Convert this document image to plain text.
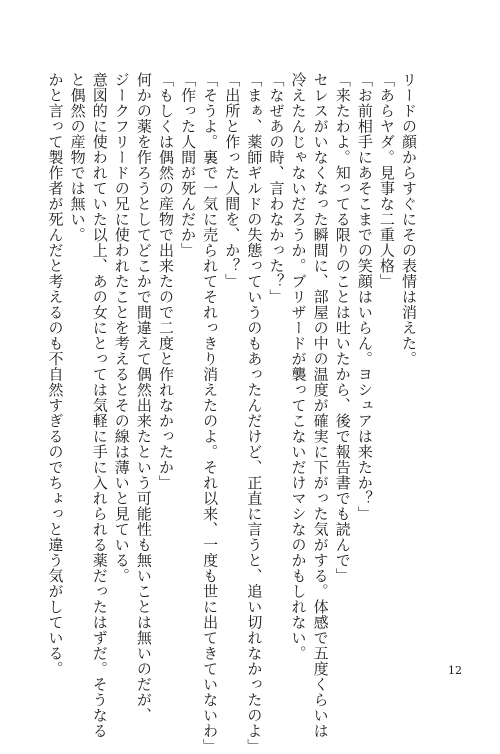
リードの顔からすぐにその表情は消えた。
「あらヤダ。見事な二重人格」
「お前相手にあそこまでの笑顔はいらん。ヨシュアは来たか？」
「来たわよ。知ってる限りのことは吐いたから、後で報告書でも読んで」
セレスがいなくなった瞬間に、部屋の中の温度が確実に下がった気がする。体感で五度くらいは
冷えたんじゃないだろうか。ブリザードが襲ってこないだけマシなのかもしれない。
「なぜあの時、言わなかった？」
「まぁ、薬師ギルドの失態っていうのもあったんだけど、正直に言うと、追い切れなかったのよ」
「出所と作った人間を、か？」
「そうよ。裏で一気に売られてそれっきり消えたのよ。それ以来、一度も世に出てきていないわ」
「作った人間が死んだか」
「もしくは偶然の産物で出来たので二度と作れなかったか」
何かの薬を作ろうとしてどこかで間違えて偶然出来たという可能性も無いことは無いのだが、
ジークフリードの兄に使われたことを考えるとその線は薄いと見ている。
意図的に使われていた以上、あの女にとっては気軽に手に入れられる薬だったはずだ。そうなる
と偶然の産物では無い。
かと言って製作者が死んだと考えるのも不自然すぎるのでちょっと違う気がしている。	12
